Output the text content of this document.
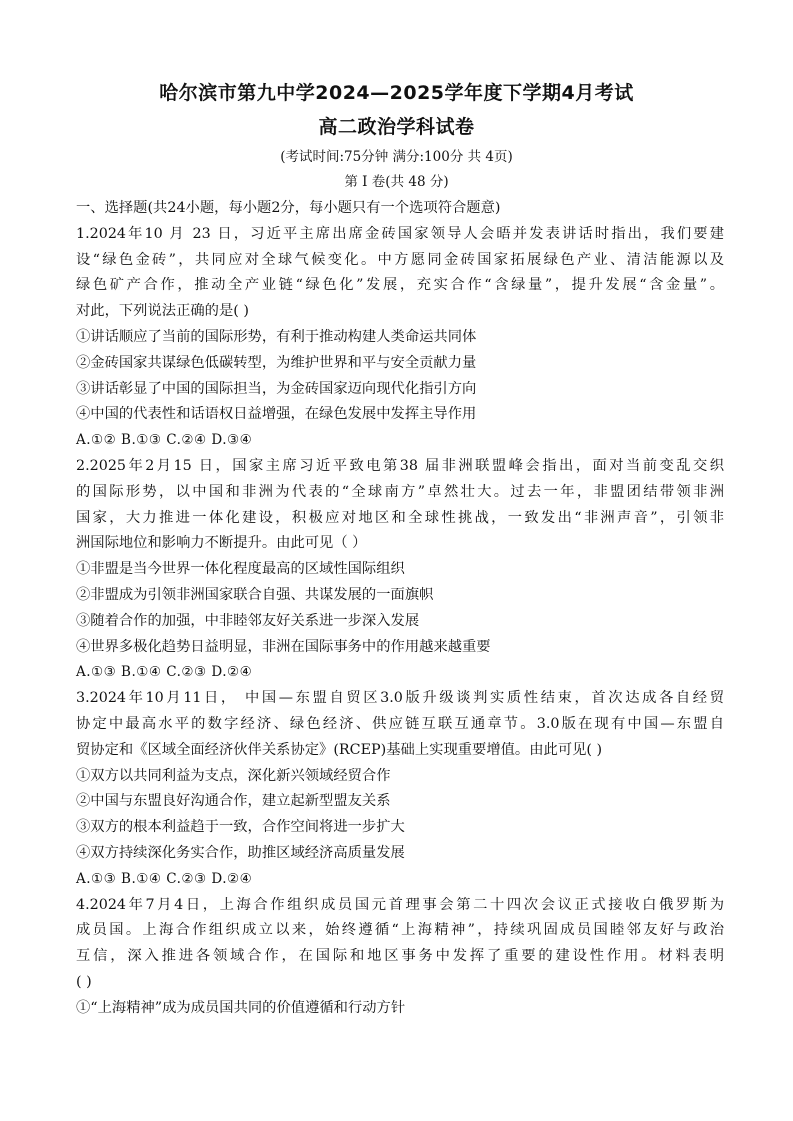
哈尔滨市第九中学2024—2025学年度下学期4月考试
高二政治学科试卷
(考试时间:75分钟 满分:100分 共 4页)
第 I 卷(共 48 分)
一、选择题(共24小题，每小题2分，每小题只有一个选项符合题意)
1.2024年10 月 23 日，习近平主席出席金砖国家领导人会晤并发表讲话时指出，我们要建
设“绿色金砖”，共同应对全球气候变化。中方愿同金砖国家拓展绿色产业、清洁能源以及
绿色矿产合作，推动全产业链“绿色化”发展，充实合作“含绿量”，提升发展“含金量”。
对此，下列说法正确的是( )
①讲话顺应了当前的国际形势，有利于推动构建人类命运共同体
②金砖国家共谋绿色低碳转型，为维护世界和平与安全贡献力量
③讲话彰显了中国的国际担当，为金砖国家迈向现代化指引方向
④中国的代表性和话语权日益增强，在绿色发展中发挥主导作用
A.①② B.①③ C.②④ D.③④
2.2025年2月15 日，国家主席习近平致电第38 届非洲联盟峰会指出，面对当前变乱交织
的国际形势，以中国和非洲为代表的“全球南方”卓然壮大。过去一年，非盟团结带领非洲
国家，大力推进一体化建设，积极应对地区和全球性挑战，一致发出“非洲声音”，引领非
洲国际地位和影响力不断提升。由此可见（ ）
①非盟是当今世界一体化程度最高的区域性国际组织
②非盟成为引领非洲国家联合自强、共谋发展的一面旗帜
③随着合作的加强，中非睦邻友好关系进一步深入发展
④世界多极化趋势日益明显，非洲在国际事务中的作用越来越重要
A.①③ B.①④ C.②③ D.②④
3.2024年10月11日， 中国—东盟自贸区3.0版升级谈判实质性结束，首次达成各自经贸
协定中最高水平的数字经济、绿色经济、供应链互联互通章节。3.0版在现有中国—东盟自
贸协定和《区域全面经济伙伴关系协定》(RCEP)基础上实现重要增值。由此可见( )
①双方以共同利益为支点，深化新兴领域经贸合作
②中国与东盟良好沟通合作，建立起新型盟友关系
③双方的根本利益趋于一致，合作空间将进一步扩大
④双方持续深化务实合作，助推区域经济高质量发展
A.①③ B.①④ C.②③ D.②④
4.2024年7月4日，上海合作组织成员国元首理事会第二十四次会议正式接收白俄罗斯为
成员国。上海合作组织成立以来，始终遵循“上海精神”，持续巩固成员国睦邻友好与政治
互信，深入推进各领域合作，在国际和地区事务中发挥了重要的建设性作用。材料表明
( )
①“上海精神”成为成员国共同的价值遵循和行动方针
